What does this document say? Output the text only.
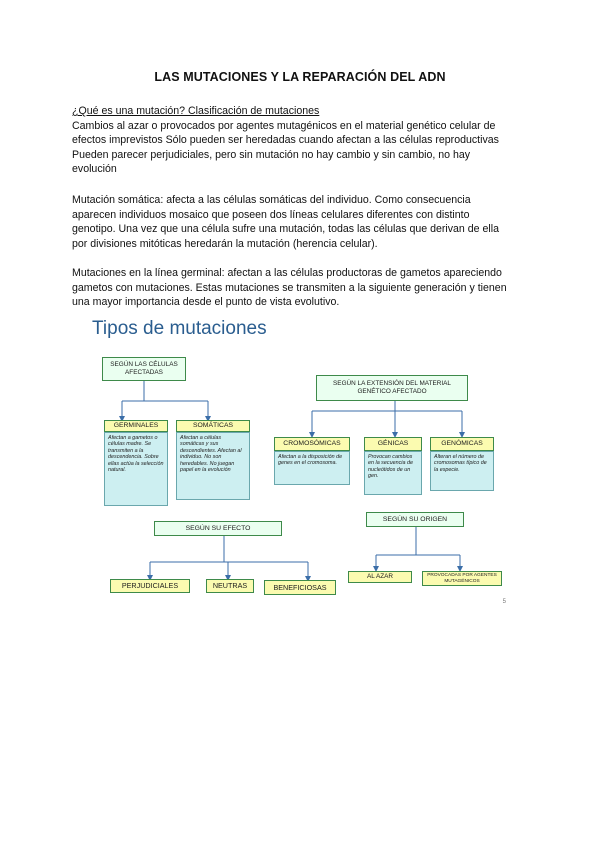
LAS MUTACIONES Y LA REPARACIÓN DEL ADN

¿Qué es una mutación? Clasificación de mutaciones

Cambios al azar o provocados por agentes mutagénicos en el material genético celular de

efectos imprevistos Sólo pueden ser heredadas cuando afectan a las células reproductivas

Pueden parecer perjudiciales, pero sin mutación no hay cambio y sin cambio, no hay

evolución

Mutación somática: afecta a las células somáticas del individuo. Como consecuencia

aparecen individuos mosaico que poseen dos líneas celulares diferentes con distinto

genotipo. Una vez que una célula sufre una mutación, todas las células que derivan de ella

por divisiones mitóticas heredarán la mutación (herencia celular).

Mutaciones en la línea germinal: afectan a las células productoras de gametos apareciendo

gametos con mutaciones. Estas mutaciones se transmiten a la siguiente generación y tienen

una mayor importancia desde el punto de vista evolutivo.

Tipos de mutaciones
SEGÚN LAS CÉLULAS AFECTADAS
GERMINALES
Afectan a gametos o células madre. Se transmiten a la descendencia. Sobre ellas actúa la selección natural.
SOMÁTICAS
Afectan a células somáticas y sus descendientes. Afectan al individuo. No son heredables. No juegan papel en la evolución
SEGÚN LA EXTENSIÓN DEL MATERIAL GENÉTICO AFECTADO
CROMOSÓMICAS
Afectan a la disposición de genes en el cromosoma.
GÉNICAS
Provocan cambios en la secuencia de nucleótidos de un gen.
GENÓMICAS
Alteran el número de cromosomas típico de la especie.
SEGÚN SU EFECTO
PERJUDICIALES	NEUTRAS	BENEFICIOSAS
SEGÚN SU ORIGEN
AL AZAR	PROVOCADAS POR AGENTES MUTAGÉNICOS
5
